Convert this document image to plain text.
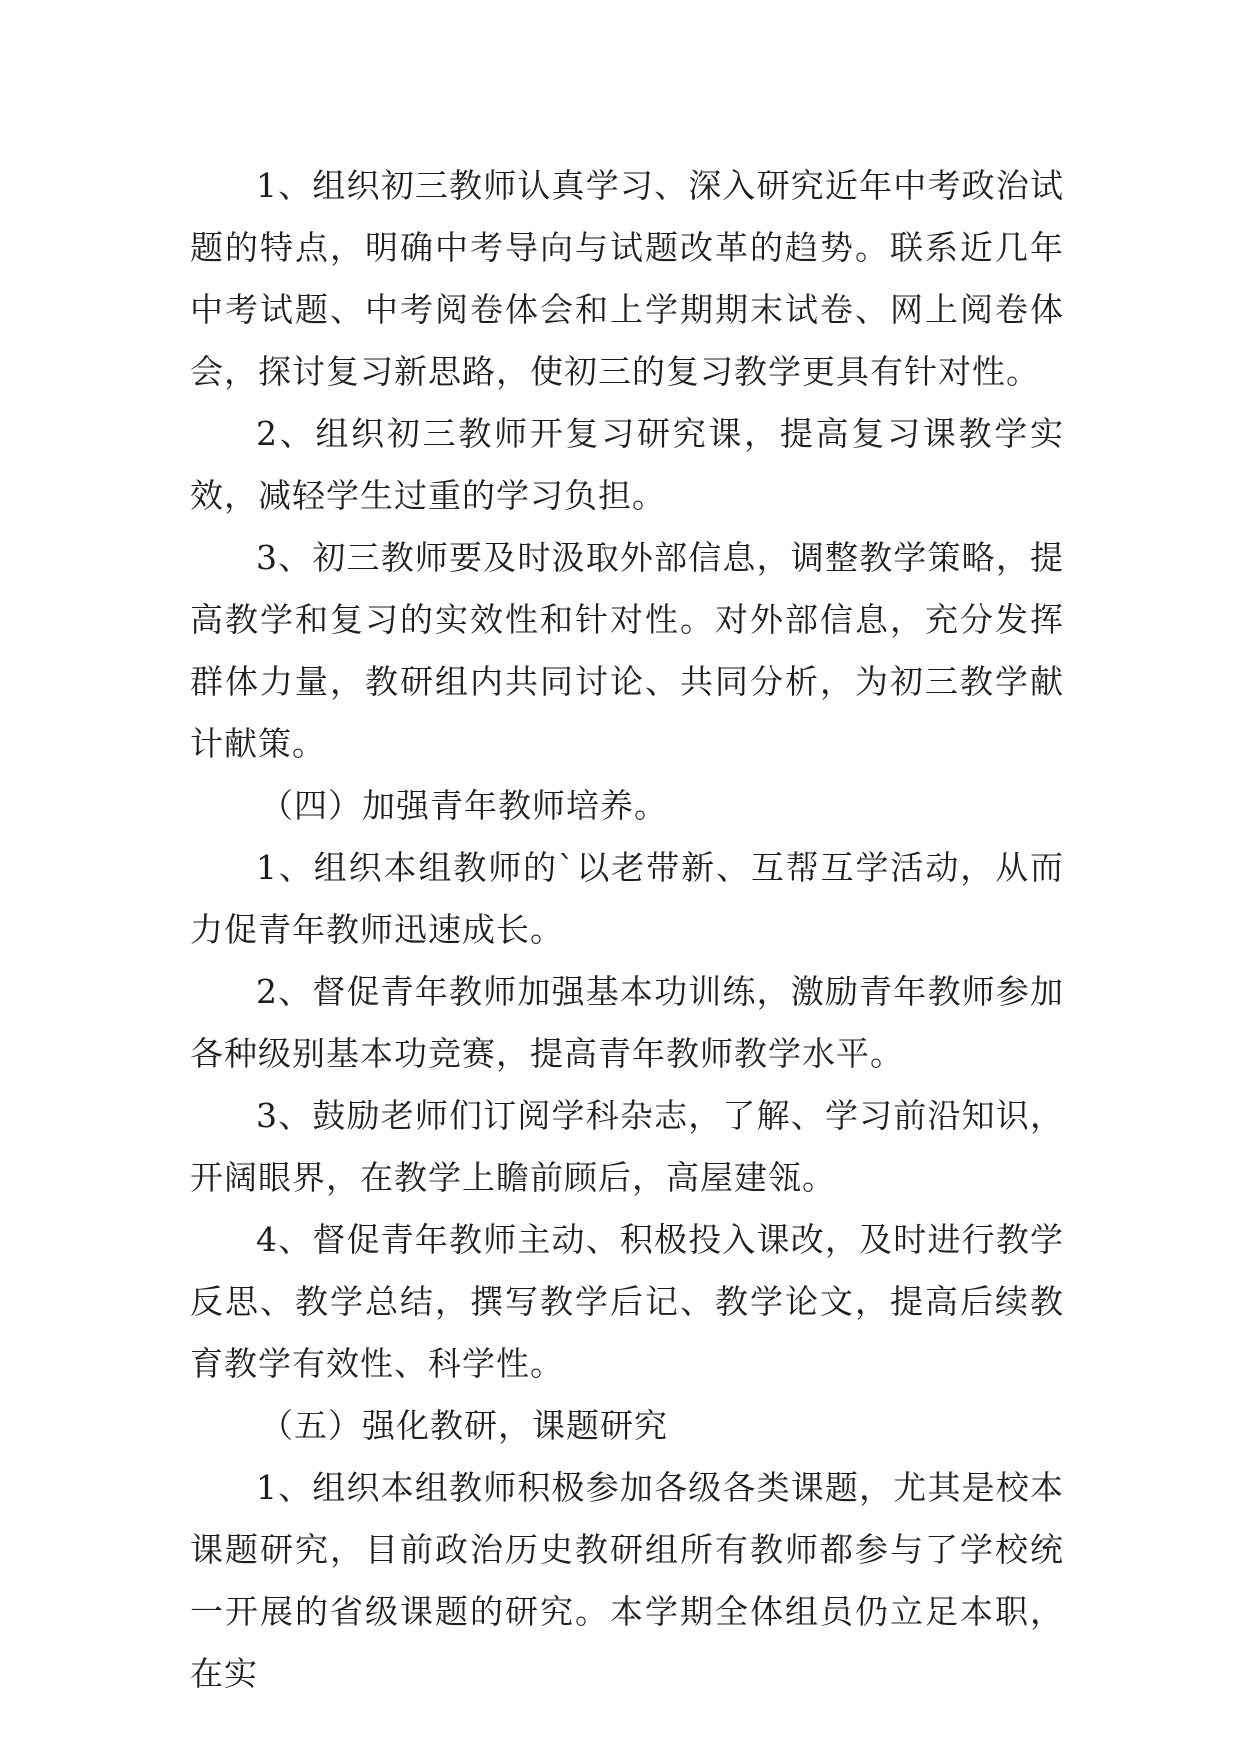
1、组织初三教师认真学习、深入研究近年中考政治试题的特点，明确中考导向与试题改革的趋势。联系近几年中考试题、中考阅卷体会和上学期期末试卷、网上阅卷体会，探讨复习新思路，使初三的复习教学更具有针对性。

2、组织初三教师开复习研究课，提高复习课教学实效，减轻学生过重的学习负担。

3、初三教师要及时汲取外部信息，调整教学策略，提高教学和复习的实效性和针对性。对外部信息，充分发挥群体力量，教研组内共同讨论、共同分析，为初三教学献计献策。

（四）加强青年教师培养。

1、组织本组教师的`以老带新、互帮互学活动，从而力促青年教师迅速成长。

2、督促青年教师加强基本功训练，激励青年教师参加各种级别基本功竞赛，提高青年教师教学水平。

3、鼓励老师们订阅学科杂志，了解、学习前沿知识，开阔眼界，在教学上瞻前顾后，高屋建瓴。

4、督促青年教师主动、积极投入课改，及时进行教学反思、教学总结，撰写教学后记、教学论文，提高后续教育教学有效性、科学性。

（五）强化教研，课题研究

1、组织本组教师积极参加各级各类课题，尤其是校本课题研究，目前政治历史教研组所有教师都参与了学校统一开展的省级课题的研究。本学期全体组员仍立足本职，在实
